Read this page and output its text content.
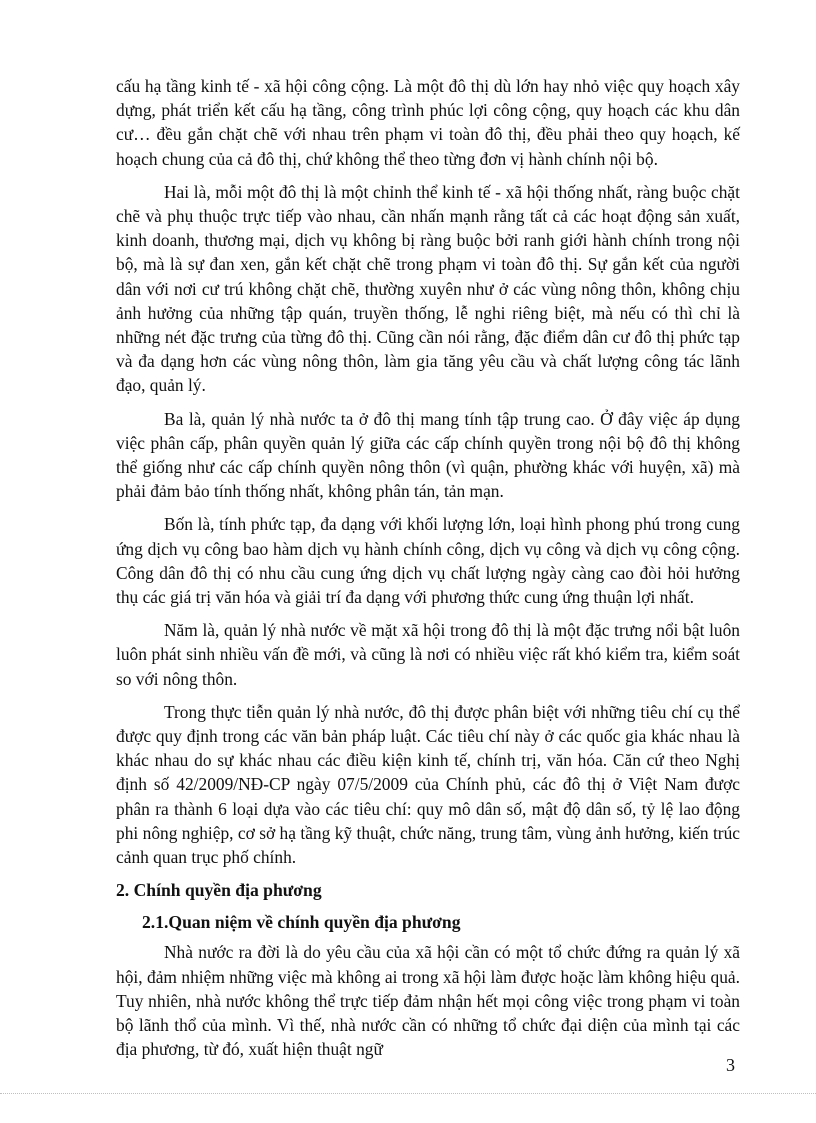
cấu hạ tầng kinh tế - xã hội công cộng. Là một đô thị dù lớn hay nhỏ việc quy hoạch xây dựng, phát triển kết cấu hạ tầng, công trình phúc lợi công cộng, quy hoạch các khu dân cư… đều gắn chặt chẽ với nhau trên phạm vi toàn đô thị, đều phải theo quy hoạch, kế hoạch chung của cả đô thị, chứ không thể theo từng đơn vị hành chính nội bộ.

Hai là, mỗi một đô thị là một chỉnh thể kinh tế - xã hội thống nhất, ràng buộc chặt chẽ và phụ thuộc trực tiếp vào nhau, cần nhấn mạnh rằng tất cả các hoạt động sản xuất, kinh doanh, thương mại, dịch vụ không bị ràng buộc bởi ranh giới hành chính trong nội bộ, mà là sự đan xen, gắn kết chặt chẽ trong phạm vi toàn đô thị. Sự gắn kết của người dân với nơi cư trú không chặt chẽ, thường xuyên như ở các vùng nông thôn, không chịu ảnh hưởng của những tập quán, truyền thống, lễ nghi riêng biệt, mà nếu có thì chỉ là những nét đặc trưng của từng đô thị. Cũng cần nói rằng, đặc điểm dân cư đô thị phức tạp và đa dạng hơn các vùng nông thôn, làm gia tăng yêu cầu và chất lượng công tác lãnh đạo, quản lý.

Ba là, quản lý nhà nước ta ở đô thị mang tính tập trung cao. Ở đây việc áp dụng việc phân cấp, phân quyền quản lý giữa các cấp chính quyền trong nội bộ đô thị không thể giống như các cấp chính quyền nông thôn (vì quận, phường khác với huyện, xã) mà phải đảm bảo tính thống nhất, không phân tán, tản mạn.

Bốn là, tính phức tạp, đa dạng với khối lượng lớn, loại hình phong phú trong cung ứng dịch vụ công bao hàm dịch vụ hành chính công, dịch vụ công và dịch vụ công cộng. Công dân đô thị có nhu cầu cung ứng dịch vụ chất lượng ngày càng cao đòi hỏi hưởng thụ các giá trị văn hóa và giải trí đa dạng với phương thức cung ứng thuận lợi nhất.

Năm là, quản lý nhà nước về mặt xã hội trong đô thị là một đặc trưng nổi bật luôn luôn phát sinh nhiều vấn đề mới, và cũng là nơi có nhiều việc rất khó kiểm tra, kiểm soát so với nông thôn.

Trong thực tiễn quản lý nhà nước, đô thị được phân biệt với những tiêu chí cụ thể được quy định trong các văn bản pháp luật. Các tiêu chí này ở các quốc gia khác nhau là khác nhau do sự khác nhau các điều kiện kinh tế, chính trị, văn hóa. Căn cứ theo Nghị định số 42/2009/NĐ-CP ngày 07/5/2009 của Chính phủ, các đô thị ở Việt Nam được phân ra thành 6 loại dựa vào các tiêu chí: quy mô dân số, mật độ dân số, tỷ lệ lao động phi nông nghiệp, cơ sở hạ tầng kỹ thuật, chức năng, trung tâm, vùng ảnh hưởng, kiến trúc cảnh quan trục phố chính.

2. Chính quyền địa phương
2.1.Quan niệm về chính quyền địa phương

Nhà nước ra đời là do yêu cầu của xã hội cần có một tổ chức đứng ra quản lý xã hội, đảm nhiệm những việc mà không ai trong xã hội làm được hoặc làm không hiệu quả. Tuy nhiên, nhà nước không thể trực tiếp đảm nhận hết mọi công việc trong phạm vi toàn bộ lãnh thổ của mình. Vì thế, nhà nước cần có những tổ chức đại diện của mình tại các địa phương, từ đó, xuất hiện thuật ngữ

3
